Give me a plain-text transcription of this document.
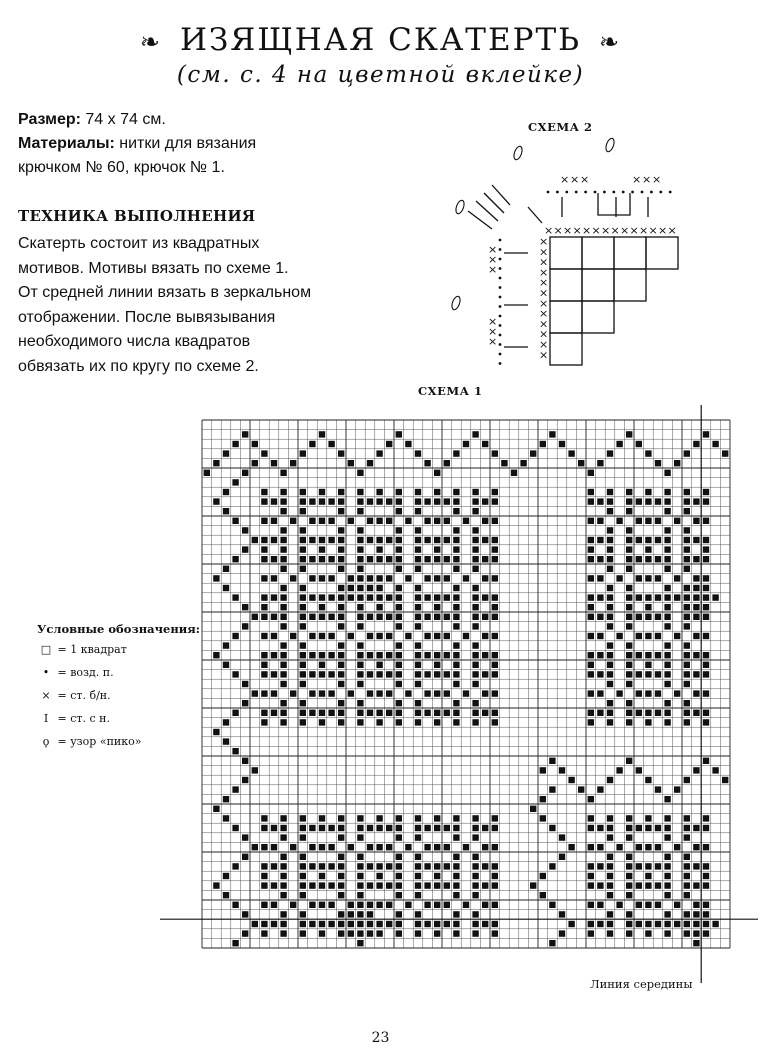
❧ ИЗЯЩНАЯ СКАТЕРТЬ ❧
(см. с. 4 на цветной вклейке)
Размер: 74 х 74 см.
Материалы: нитки для вязания
крючком № 60, крючок № 1.
ТЕХНИКА ВЫПОЛНЕНИЯ
Скатерть состоит из квадратных
мотивов. Мотивы вязать по схеме 1.
От средней линии вязать в зеркальном
отображении. После вывязывания
необходимого числа квадратов
обвязать их по кругу по схеме 2.
СХЕМА 2
× × × × × × × × × × × × × ×
×
×
×
×
×
×
×
×
×
×
×
×
×
×
×
×
×
×
× × ×	× × ×
СХЕМА 1
Условные обозначения:
□ = 1 квадрат
• = возд. п.
× = ст. б/н.
I = ст. с н.
ϙ = узор «пико»
Линия середины
23
